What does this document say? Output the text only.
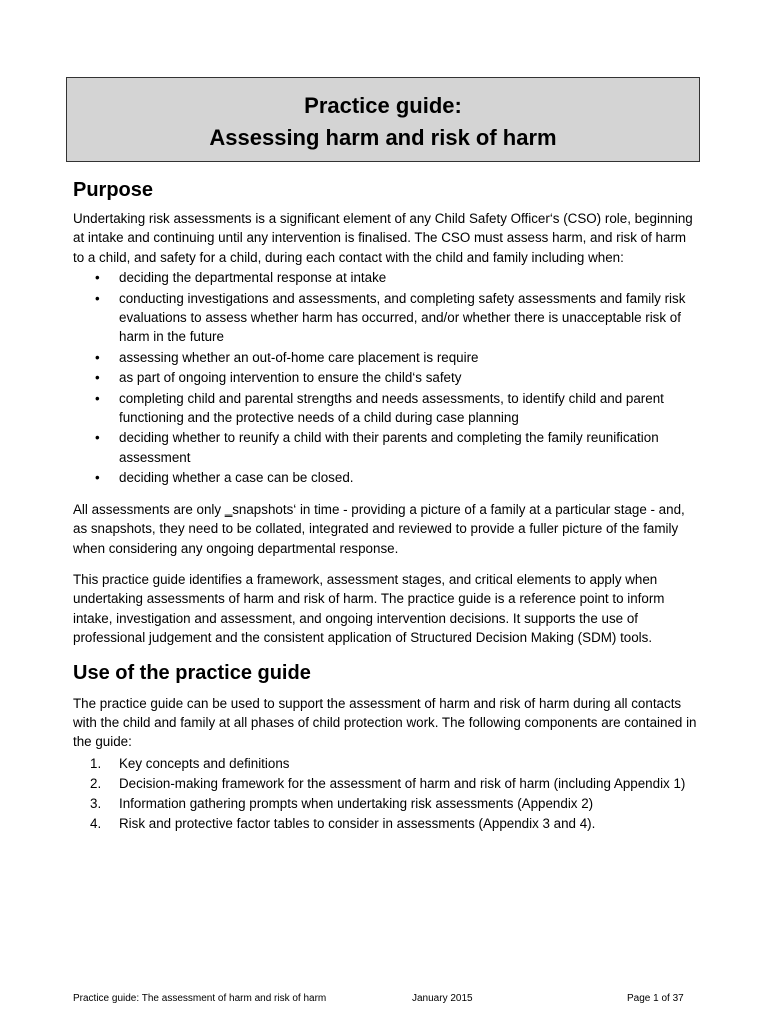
Practice guide:
Assessing harm and risk of harm
Purpose

Undertaking risk assessments is a significant element of any Child Safety Officer‘s (CSO) role, beginning at intake and continuing until any intervention is finalised. The CSO must assess harm, and risk of harm to a child, and safety for a child, during each contact with the child and family including when:

• deciding the departmental response at intake
• conducting investigations and assessments, and completing safety assessments and family risk evaluations to assess whether harm has occurred, and/or whether there is unacceptable risk of harm in the future
• assessing whether an out-of-home care placement is require
• as part of ongoing intervention to ensure the child‘s safety
• completing child and parental strengths and needs assessments, to identify child and parent functioning and the protective needs of a child during case planning
• deciding whether to reunify a child with their parents and completing the family reunification assessment
• deciding whether a case can be closed.

All assessments are only ‗snapshots‘ in time - providing a picture of a family at a particular stage - and, as snapshots, they need to be collated, integrated and reviewed to provide a fuller picture of the family when considering any ongoing departmental response.

This practice guide identifies a framework, assessment stages, and critical elements to apply when undertaking assessments of harm and risk of harm. The practice guide is a reference point to inform intake, investigation and assessment, and ongoing intervention decisions. It supports the use of professional judgement and the consistent application of Structured Decision Making (SDM) tools.

Use of the practice guide

The practice guide can be used to support the assessment of harm and risk of harm during all contacts with the child and family at all phases of child protection work. The following components are contained in the guide:

1. Key concepts and definitions
2. Decision-making framework for the assessment of harm and risk of harm (including Appendix 1)
3. Information gathering prompts when undertaking risk assessments (Appendix 2)
4. Risk and protective factor tables to consider in assessments (Appendix 3 and 4).
Practice guide: The assessment of harm and risk of harm	January 2015	Page 1 of 37
